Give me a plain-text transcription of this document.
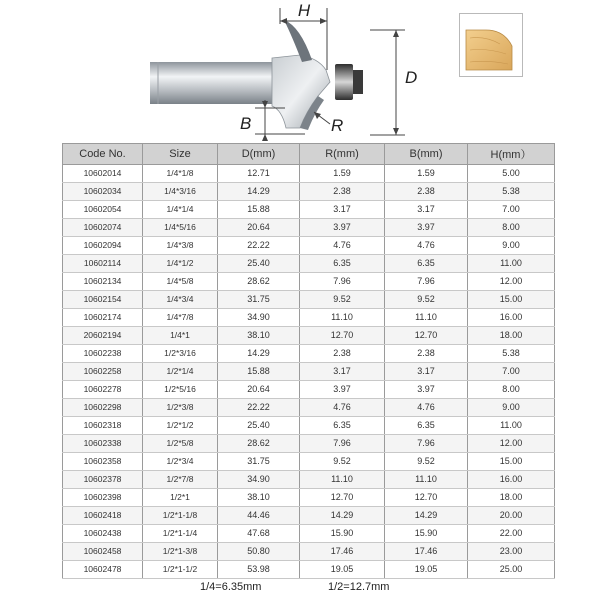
H
D
B	R
Code No.	Size	D(mm)	R(mm)	B(mm)	H(mm）
10602014	1/4*1/8	12.71	1.59	1.59	5.00
10602034	1/4*3/16	14.29	2.38	2.38	5.38
10602054	1/4*1/4	15.88	3.17	3.17	7.00
10602074	1/4*5/16	20.64	3.97	3.97	8.00
10602094	1/4*3/8	22.22	4.76	4.76	9.00
10602114	1/4*1/2	25.40	6.35	6.35	11.00
10602134	1/4*5/8	28.62	7.96	7.96	12.00
10602154	1/4*3/4	31.75	9.52	9.52	15.00
10602174	1/4*7/8	34.90	11.10	11.10	16.00
20602194	1/4*1	38.10	12.70	12.70	18.00
10602238	1/2*3/16	14.29	2.38	2.38	5.38
10602258	1/2*1/4	15.88	3.17	3.17	7.00
10602278	1/2*5/16	20.64	3.97	3.97	8.00
10602298	1/2*3/8	22.22	4.76	4.76	9.00
10602318	1/2*1/2	25.40	6.35	6.35	11.00
10602338	1/2*5/8	28.62	7.96	7.96	12.00
10602358	1/2*3/4	31.75	9.52	9.52	15.00
10602378	1/2*7/8	34.90	11.10	11.10	16.00
10602398	1/2*1	38.10	12.70	12.70	18.00
10602418	1/2*1-1/8	44.46	14.29	14.29	20.00
10602438	1/2*1-1/4	47.68	15.90	15.90	22.00
10602458	1/2*1-3/8	50.80	17.46	17.46	23.00
10602478	1/2*1-1/2	53.98	19.05	19.05	25.00
1/4=6.35mm	1/2=12.7mm
